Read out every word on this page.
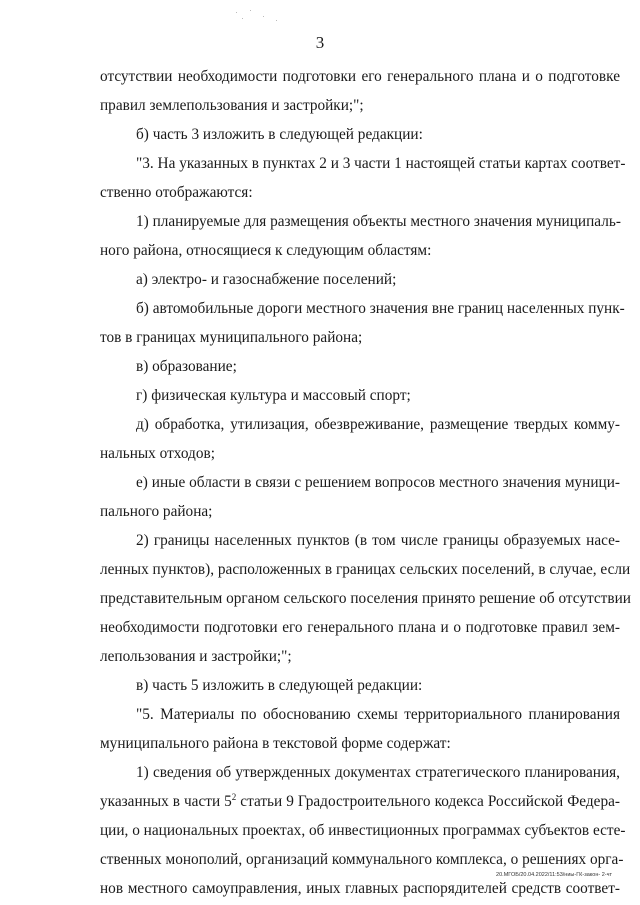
3
отсутствии необходимости подготовки его генерального плана и о подготовке
правил землепользования и застройки;";
б) часть 3 изложить в следующей редакции:
"3. На указанных в пунктах 2 и 3 части 1 настоящей статьи картах соответ-
ственно отображаются:
1) планируемые для размещения объекты местного значения муниципаль-
ного района, относящиеся к следующим областям:
а) электро- и газоснабжение поселений;
б) автомобильные дороги местного значения вне границ населенных пунк-
тов в границах муниципального района;
в) образование;
г) физическая культура и массовый спорт;
д) обработка, утилизация, обезвреживание, размещение твердых комму-
нальных отходов;
е) иные области в связи с решением вопросов местного значения муници-
пального района;
2) границы населенных пунктов (в том числе границы образуемых насе-
ленных пунктов), расположенных в границах сельских поселений, в случае, если
представительным органом сельского поселения принято решение об отсутствии
необходимости подготовки его генерального плана и о подготовке правил зем-
лепользования и застройки;";
в) часть 5 изложить в следующей редакции:
"5. Материалы по обоснованию схемы территориального планирования
муниципального района в текстовой форме содержат:
1) сведения об утвержденных документах стратегического планирования,
указанных в части $5^2$ статьи 9 Градостроительного кодекса Российской Федера-
ции, о национальных проектах, об инвестиционных программах субъектов есте-
ственных монополий, организаций коммунального комплекса, о решениях орга-
нов местного самоуправления, иных главных распорядителей средств соответ-
20.МГОБ/20.04.2022/11:53/ниы-ГК-закон- 2-чт
